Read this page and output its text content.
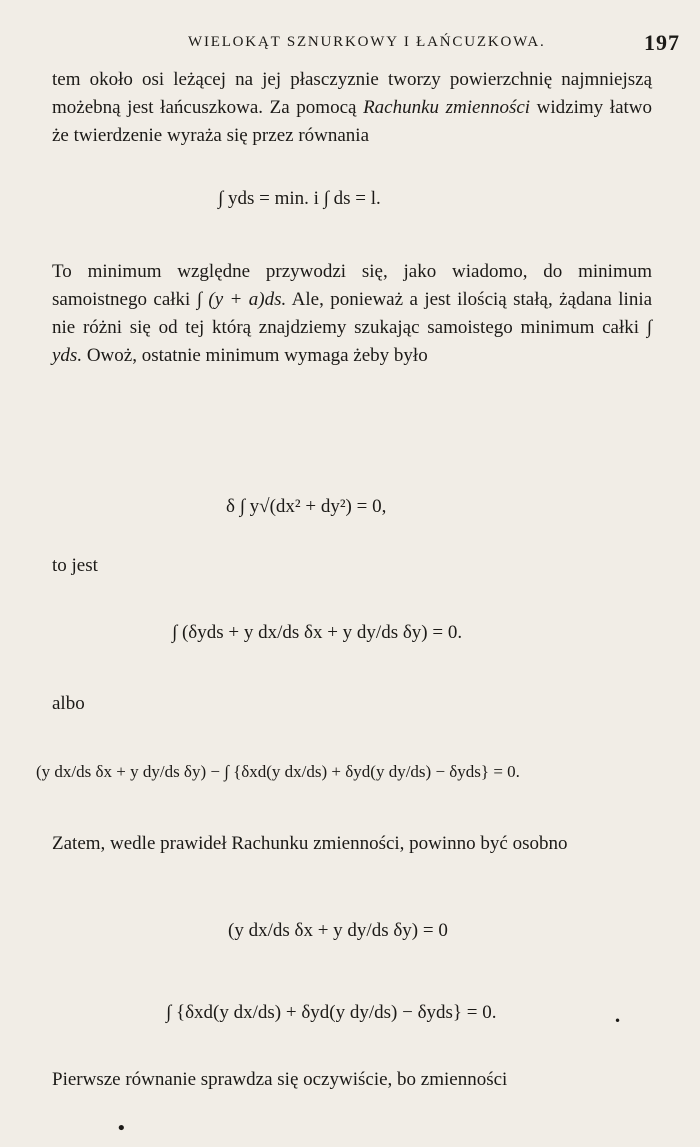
WIELOKĄT SZNURKOWY I ŁAŃCUZKOWA.	197

tem około osi leżącej na jej płasczyznie tworzy powierzchnię najmniejszą możebną jest łańcuszkowa. Za pomocą Rachunku zmienności widzimy łatwo że twierdzenie wyraża się przez równania

∫ yds = min. i ∫ ds = l.

To minimum względne przywodzi się, jako wiadomo, do minimum samoistnego całki ∫ (y + a)ds. Ale, ponieważ a jest ilością stałą, żądana linia nie różni się od tej którą znajdziemy szukając samoistego minimum całki ∫ yds. Owoż, ostatnie minimum wymaga żeby było

δ ∫ y√(dx² + dy²) = 0,

to jest

∫ (δyds + y dx/ds δx + y dy/ds δy) = 0.

albo

(y dx/ds δx + y dy/ds δy) − ∫ {δxd(y dx/ds) + δyd(y dy/ds) − δyds} = 0.

Zatem, wedle prawideł Rachunku zmienności, powinno być osobno

(y dx/ds δx + y dy/ds δy) = 0
∫ {δxd(y dx/ds) + δyd(y dy/ds) − δyds} = 0.

Pierwsze równanie sprawdza się oczywiście, bo zmienności

•
•
